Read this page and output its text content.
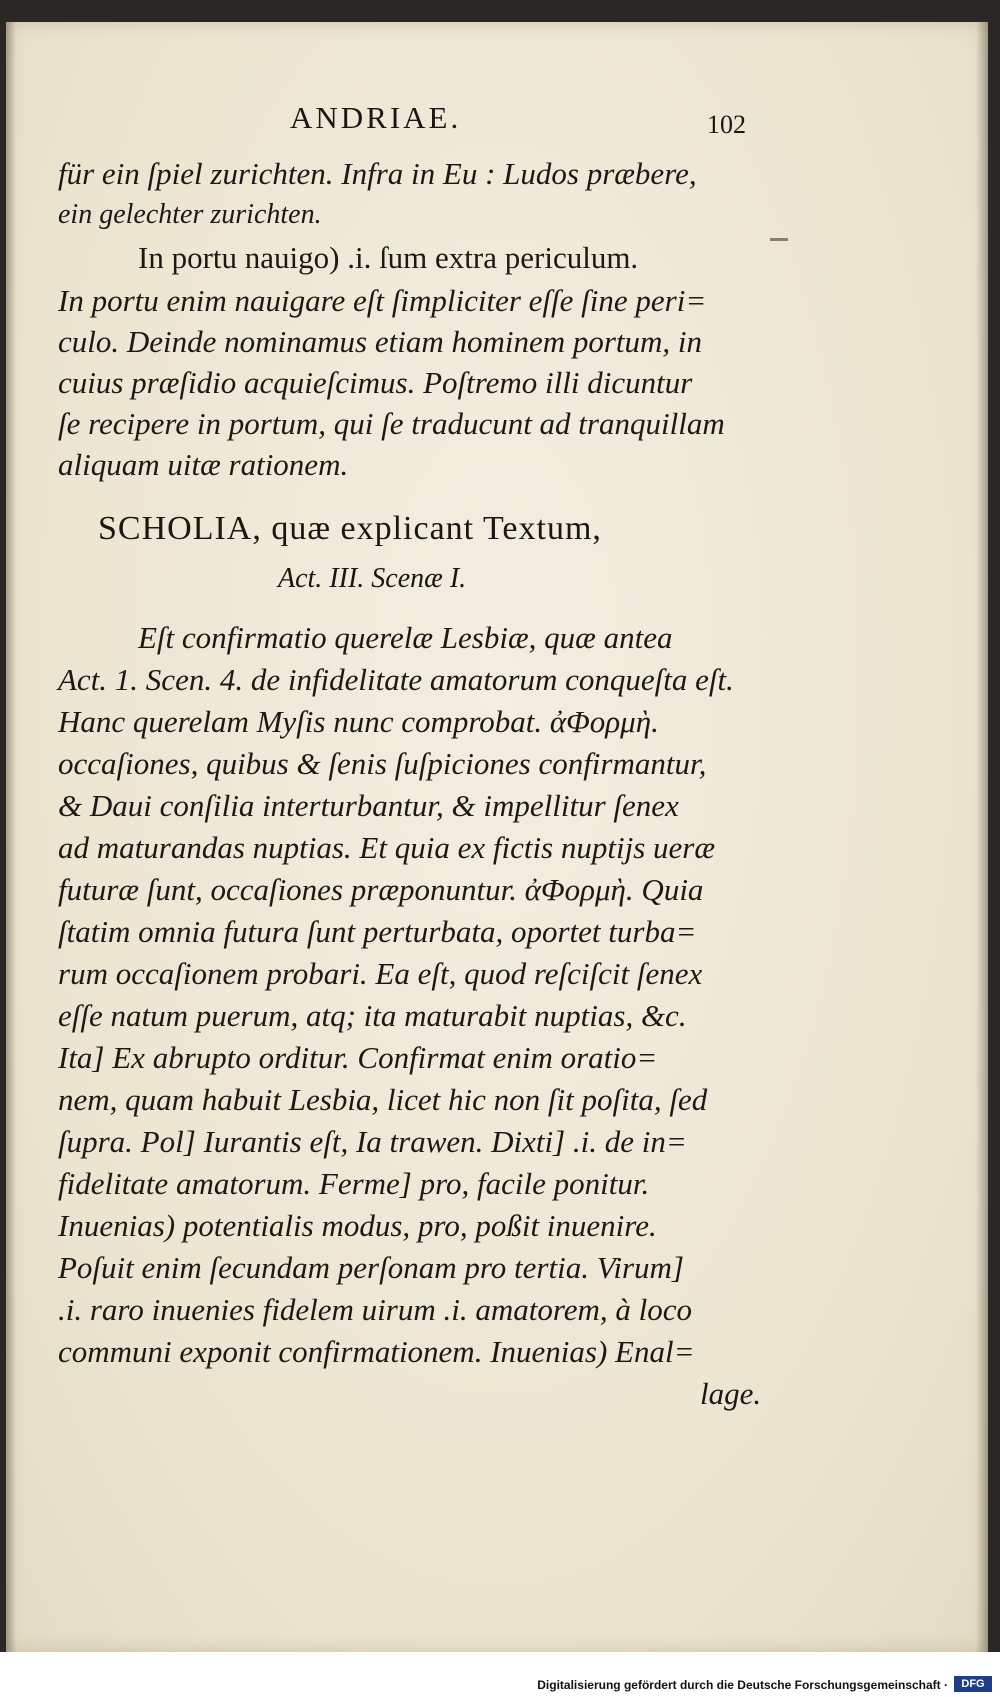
ANDRIAE.	102
für ein ſpiel zurichten. Infra in Eu : Ludos præbere,
ein gelechter zurichten.
In portu nauigo) .i. ſum extra periculum.
In portu enim nauigare eſt ſimpliciter eſſe ſine peri=
culo. Deinde nominamus etiam hominem portum, in
cuius præſidio acquieſcimus. Poſtremo illi dicuntur
ſe recipere in portum, qui ſe traducunt ad tranquillam
aliquam uitæ rationem.
SCHOLIA, quæ explicant Textum,
Act. III. Scenæ I.
Eſt confirmatio querelæ Lesbiæ, quæ antea
Act. 1. Scen. 4. de infidelitate amatorum conqueſta eſt.
Hanc querelam Myſis nunc comprobat. ἀΦορμὴ.
occaſiones, quibus & ſenis ſuſpiciones confirmantur,
& Daui conſilia interturbantur, & impellitur ſenex
ad maturandas nuptias. Et quia ex fictis nuptijs ueræ
futuræ ſunt, occaſiones præponuntur. ἀΦορμὴ. Quia
ſtatim omnia futura ſunt perturbata, oportet turba=
rum occaſionem probari. Ea eſt, quod reſciſcit ſenex
eſſe natum puerum, atq; ita maturabit nuptias, &c.
Ita] Ex abrupto orditur. Confirmat enim oratio=
nem, quam habuit Lesbia, licet hic non ſit poſita, ſed
ſupra. Pol] Iurantis eſt, Ia trawen. Dixti] .i. de in=
fidelitate amatorum. Ferme] pro, facile ponitur.
Inuenias) potentialis modus, pro, poßit inuenire.
Poſuit enim ſecundam perſonam pro tertia. Virum]
.i. raro inuenies fidelem uirum .i. amatorem, à loco
communi exponit confirmationem. Inuenias) Enal=
lage.
Digitalisierung gefördert durch die Deutsche Forschungsgemeinschaft ·	DFG
